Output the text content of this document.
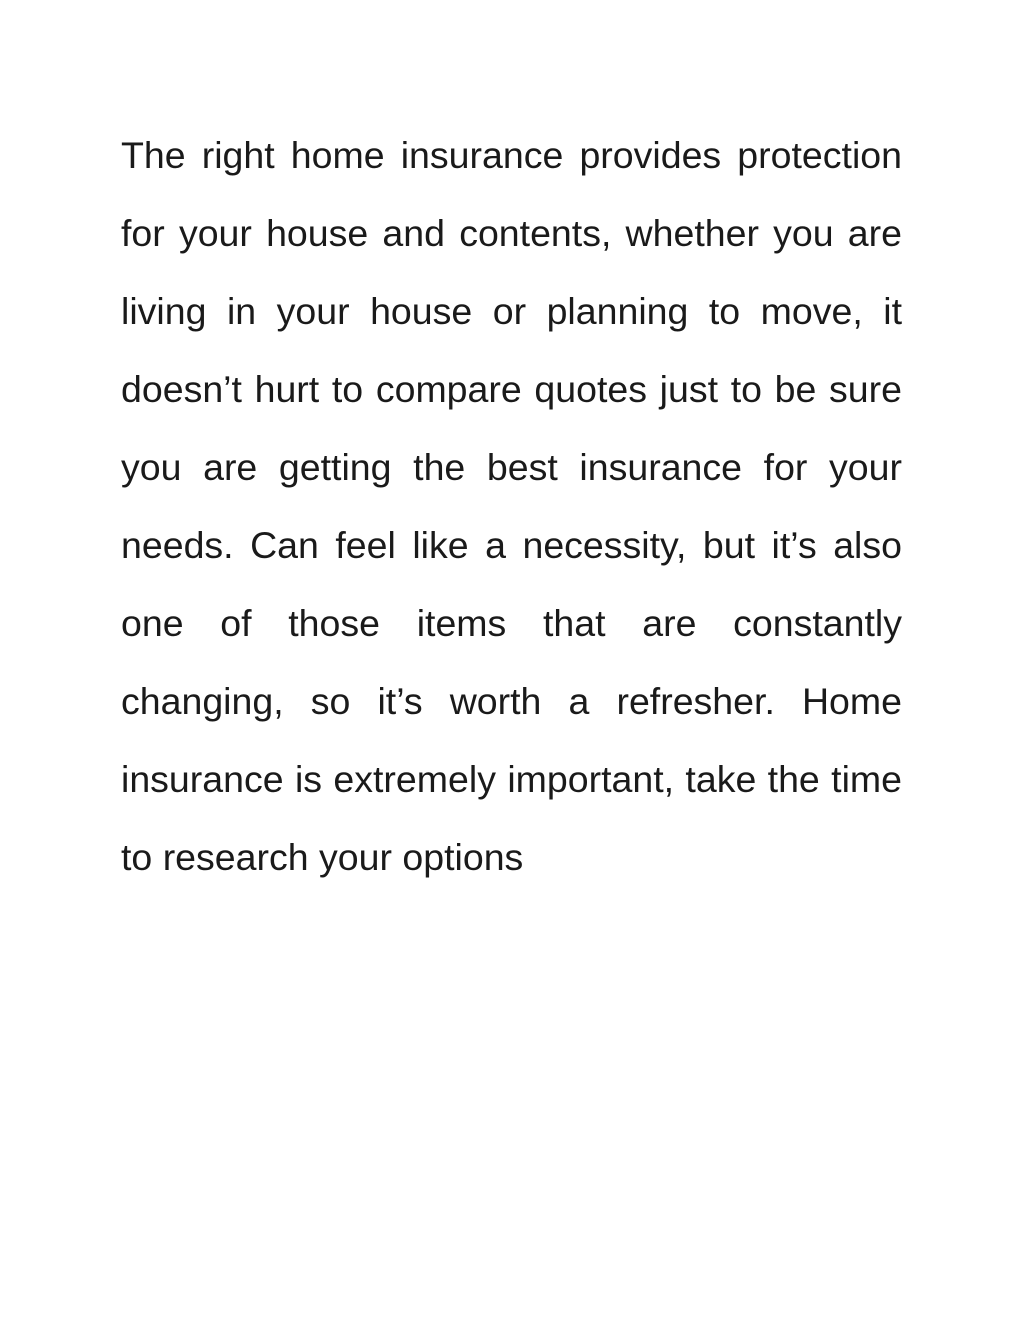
The right home insurance provides protection for your house and contents, whether you are living in your house or planning to move, it doesn’t hurt to compare quotes just to be sure you are getting the best insurance for your needs. Can feel like a necessity, but it’s also one of those items that are constantly changing, so it’s worth a refresher. Home insurance is extremely important, take the time to research your options
